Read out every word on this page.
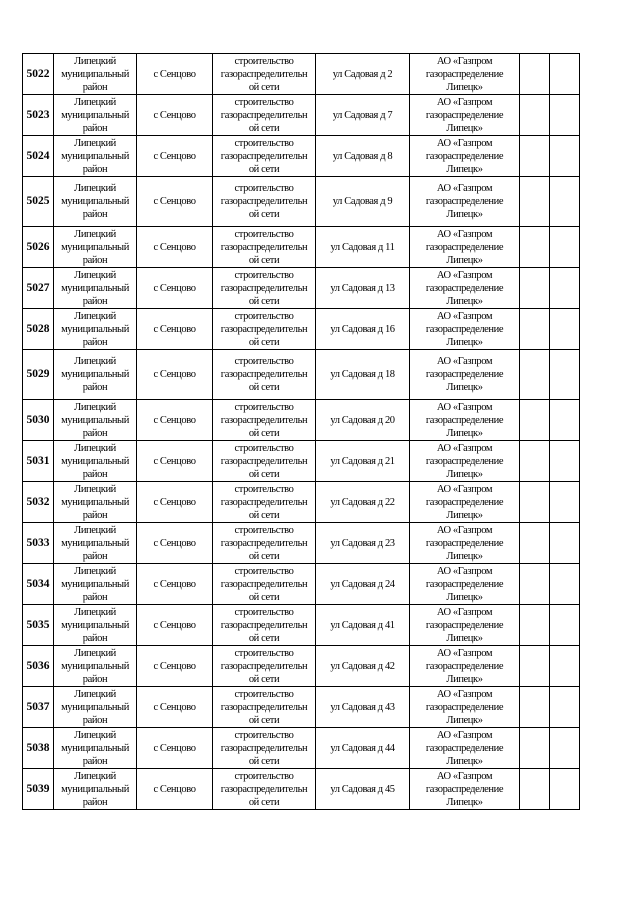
5022	Липецкий
муниципальный
район	с Сенцово	строительство
газораспределительн
ой сети	ул Садовая д 2	АО «Газпром
газораспределение
Липецк»		

5023	Липецкий
муниципальный
район	с Сенцово	строительство
газораспределительн
ой сети	ул Садовая д 7	АО «Газпром
газораспределение
Липецк»		

5024	Липецкий
муниципальный
район	с Сенцово	строительство
газораспределительн
ой сети	ул Садовая д 8	АО «Газпром
газораспределение
Липецк»		

5025	Липецкий
муниципальный
район	с Сенцово	строительство
газораспределительн
ой сети	ул Садовая д 9	АО «Газпром
газораспределение
Липецк»		

5026	Липецкий
муниципальный
район	с Сенцово	строительство
газораспределительн
ой сети	ул Садовая д 11	АО «Газпром
газораспределение
Липецк»		

5027	Липецкий
муниципальный
район	с Сенцово	строительство
газораспределительн
ой сети	ул Садовая д 13	АО «Газпром
газораспределение
Липецк»		

5028	Липецкий
муниципальный
район	с Сенцово	строительство
газораспределительн
ой сети	ул Садовая д 16	АО «Газпром
газораспределение
Липецк»		

5029	Липецкий
муниципальный
район	с Сенцово	строительство
газораспределительн
ой сети	ул Садовая д 18	АО «Газпром
газораспределение
Липецк»		

5030	Липецкий
муниципальный
район	с Сенцово	строительство
газораспределительн
ой сети	ул Садовая д 20	АО «Газпром
газораспределение
Липецк»		

5031	Липецкий
муниципальный
район	с Сенцово	строительство
газораспределительн
ой сети	ул Садовая д 21	АО «Газпром
газораспределение
Липецк»		

5032	Липецкий
муниципальный
район	с Сенцово	строительство
газораспределительн
ой сети	ул Садовая д 22	АО «Газпром
газораспределение
Липецк»		

5033	Липецкий
муниципальный
район	с Сенцово	строительство
газораспределительн
ой сети	ул Садовая д 23	АО «Газпром
газораспределение
Липецк»		

5034	Липецкий
муниципальный
район	с Сенцово	строительство
газораспределительн
ой сети	ул Садовая д 24	АО «Газпром
газораспределение
Липецк»		

5035	Липецкий
муниципальный
район	с Сенцово	строительство
газораспределительн
ой сети	ул Садовая д 41	АО «Газпром
газораспределение
Липецк»		

5036	Липецкий
муниципальный
район	с Сенцово	строительство
газораспределительн
ой сети	ул Садовая д 42	АО «Газпром
газораспределение
Липецк»		

5037	Липецкий
муниципальный
район	с Сенцово	строительство
газораспределительн
ой сети	ул Садовая д 43	АО «Газпром
газораспределение
Липецк»		

5038	Липецкий
муниципальный
район	с Сенцово	строительство
газораспределительн
ой сети	ул Садовая д 44	АО «Газпром
газораспределение
Липецк»		

5039	Липецкий
муниципальный
район	с Сенцово	строительство
газораспределительн
ой сети	ул Садовая д 45	АО «Газпром
газораспределение
Липецк»		
